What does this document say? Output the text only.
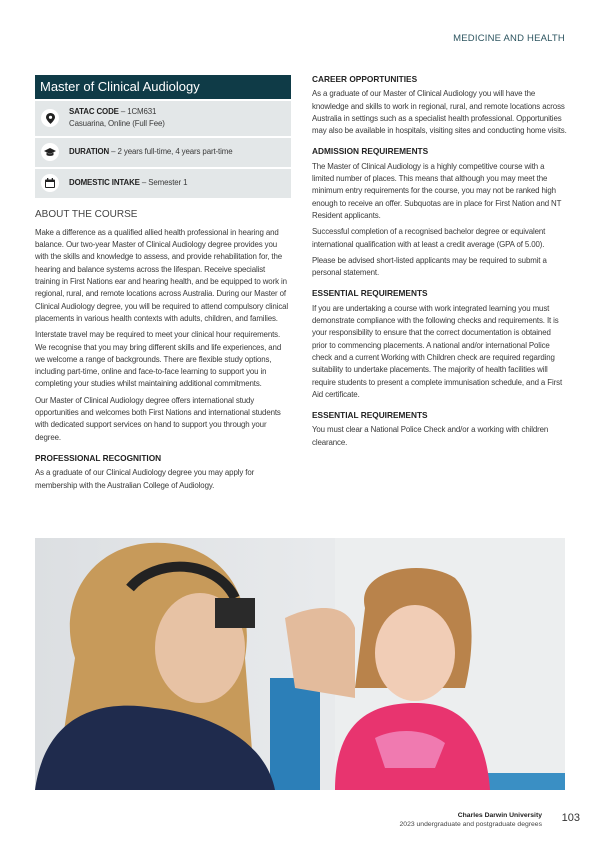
MEDICINE AND HEALTH
Master of Clinical Audiology
SATAC CODE – 1CM631
Casuarina, Online (Full Fee)
DURATION – 2 years full-time, 4 years part-time
DOMESTIC INTAKE – Semester 1
ABOUT THE COURSE

Make a difference as a qualified allied health professional in hearing and balance. Our two-year Master of Clinical Audiology degree provides you with the skills and knowledge to assess, and provide rehabilitation for, the hearing and balance systems across the lifespan. Receive specialist training in First Nations ear and hearing health, and be equipped to work in regional, rural, and remote locations across Australia. During our Master of Clinical Audiology degree, you will be required to attend compulsory clinical placements in various health contexts with adults, children, and families.

Interstate travel may be required to meet your clinical hour requirements. We recognise that you may bring different skills and life experiences, and we welcome a range of backgrounds. There are flexible study options, including part-time, online and face-to-face learning to support you in completing your studies whilst maintaining additional commitments.

Our Master of Clinical Audiology degree offers international study opportunities and welcomes both First Nations and international students with dedicated support services on hand to support you through your degree.

PROFESSIONAL RECOGNITION

As a graduate of our Clinical Audiology degree you may apply for membership with the Australian College of Audiology.

CAREER OPPORTUNITIES

As a graduate of our Master of Clinical Audiology you will have the knowledge and skills to work in regional, rural, and remote locations across Australia in settings such as a specialist health professional. Opportunities may also be available in hospitals, visiting sites and conducting home visits.

ADMISSION REQUIREMENTS

The Master of Clinical Audiology is a highly competitive course with a limited number of places. This means that although you may meet the minimum entry requirements for the course, you may not be ranked high enough to receive an offer. Subquotas are in place for First Nation and NT Resident applicants.

Successful completion of a recognised bachelor degree or equivalent international qualification with at least a credit average (GPA of 5.00).

Please be advised short-listed applicants may be required to submit a personal statement.

ESSENTIAL REQUIREMENTS

If you are undertaking a course with work integrated learning you must demonstrate compliance with the following checks and requirements. It is your responsibility to ensure that the correct documentation is obtained prior to commencing placements. A national and/or international Police check and a current Working with Children check are required regarding suitability to undertake placements. The majority of health facilities will require students to present a complete immunisation schedule, and a First Aid certificate.

ESSENTIAL REQUIREMENTS

You must clear a National Police Check and/or a working with children clearance.

Charles Darwin University
2023 undergraduate and postgraduate degrees
103
